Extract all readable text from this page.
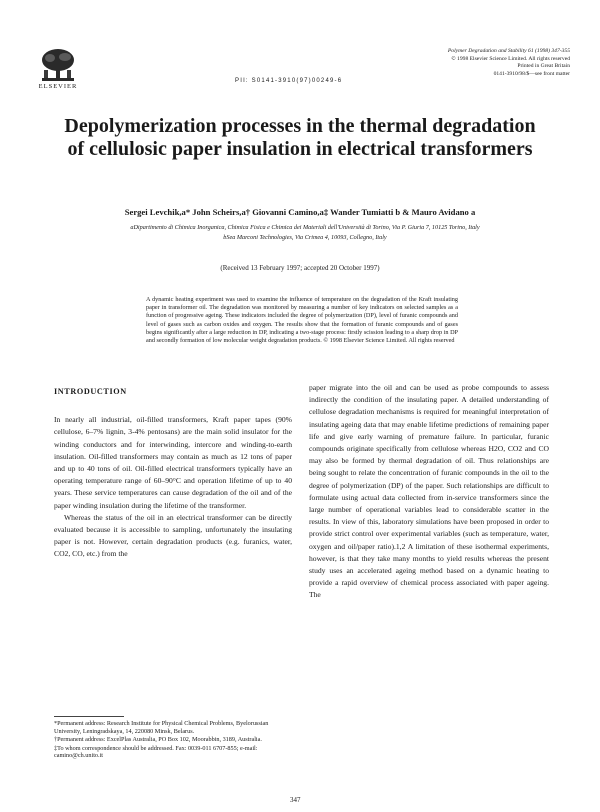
ELSEVIER
PII: S0141-3910(97)00249-6
Polymer Degradation and Stability 61 (1998) 347-355
© 1998 Elsevier Science Limited. All rights reserved
Printed in Great Britain
0141-3910/98/$—see front matter
Depolymerization processes in the thermal degradation of cellulosic paper insulation in electrical transformers
Sergei Levchik,a* John Scheirs,a† Giovanni Camino,a‡ Wander Tumiatti b & Mauro Avidano a
aDipartimento di Chimica Inorganica, Chimica Fisica e Chimica dei Materiali dell'Università di Torino, Via P. Giuria 7, 10125 Torino, Italy
bSea Marconi Technologies, Via Crimea 4, 10093, Collegno, Italy
(Received 13 February 1997; accepted 20 October 1997)
A dynamic heating experiment was used to examine the influence of temperature on the degradation of the Kraft insulating paper in transformer oil. The degradation was monitored by measuring a number of key indicators on selected samples as a function of progressive ageing. These indicators included the degree of polymerization (DP), level of furanic compounds and level of gases such as carbon oxides and oxygen. The results show that the formation of furanic compounds and of gases begins significantly after a large reduction in DP, indicating a two-stage process: firstly scission leading to a sharp drop in DP and secondly formation of low molecular weight degradation products. © 1998 Elsevier Science Limited. All rights reserved
INTRODUCTION

In nearly all industrial, oil-filled transformers, Kraft paper tapes (90% cellulose, 6–7% lignin, 3-4% pentosans) are the main solid insulator for the winding conductors and for interwinding, intercore and winding-to-earth insulation. Oil-filled transformers may contain as much as 12 tons of paper and up to 40 tons of oil. Oil-filled electrical transformers typically have an operating temperature range of 60–90°C and operation lifetime of up to 40 years. These service temperatures can cause degradation of the oil and of the paper winding insulation during the lifetime of the transformer.

Whereas the status of the oil in an electrical transformer can be directly evaluated because it is accessible to sampling, unfortunately the insulating paper is not. However, certain degradation products (e.g. furanics, water, CO2, CO, etc.) from the

paper migrate into the oil and can be used as probe compounds to assess indirectly the condition of the insulating paper. A detailed understanding of cellulose degradation mechanisms is required for meaningful interpretation of insulating ageing data that may enable lifetime predictions of remaining paper life and give early warning of premature failure. In particular, furanic compounds originate specifically from cellulose whereas H2O, CO2 and CO may also be formed by thermal degradation of oil. Thus relationships are being sought to relate the concentration of furanic compounds in the oil to the degree of polymerization (DP) of the paper. Such relationships are difficult to formulate using actual data collected from in-service transformers since the large number of operational variables lead to considerable scatter in the results. In view of this, laboratory simulations have been proposed in order to provide strict control over experimental variables (such as temperature, water, oxygen and oil/paper ratio).1,2 A limitation of these isothermal experiments, however, is that they take many months to yield results whereas the present study uses an accelerated ageing method based on a dynamic heating to provide a rapid overview of chemical process associated with paper ageing. The

*Permanent address: Research Institute for Physical Chemical Problems, Byelorussian University, Leningradskaya, 14, 220080 Minsk, Belarus.

†Permanent address: ExcelPlas Australia, PO Box 102, Moorabbin, 3189, Australia.

‡To whom correspondence should be addressed. Fax: 0039-011 6707-855; e-mail: camino@ch.unito.it

347
